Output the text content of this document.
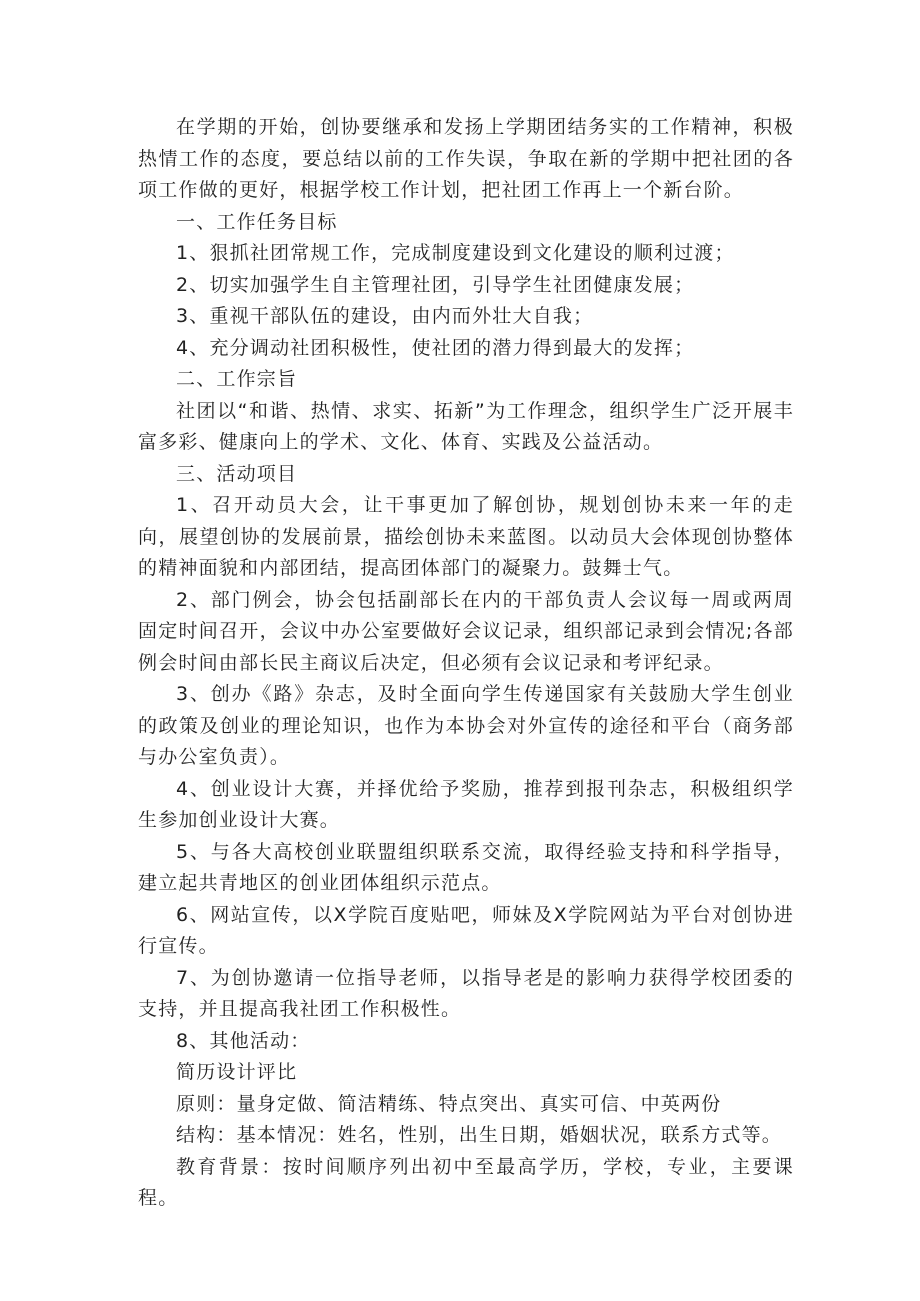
在学期的开始，创协要继承和发扬上学期团结务实的工作精神，积极热情工作的态度，要总结以前的工作失误，争取在新的学期中把社团的各项工作做的更好，根据学校工作计划，把社团工作再上一个新台阶。

一、工作任务目标

1、狠抓社团常规工作，完成制度建设到文化建设的顺利过渡；

2、切实加强学生自主管理社团，引导学生社团健康发展；

3、重视干部队伍的建设，由内而外壮大自我；

4、充分调动社团积极性，使社团的潜力得到最大的发挥；

二、工作宗旨

社团以“和谐、热情、求实、拓新”为工作理念，组织学生广泛开展丰富多彩、健康向上的学术、文化、体育、实践及公益活动。

三、活动项目

1、召开动员大会，让干事更加了解创协，规划创协未来一年的走向，展望创协的发展前景，描绘创协未来蓝图。以动员大会体现创协整体的精神面貌和内部团结，提高团体部门的凝聚力。鼓舞士气。

2、部门例会，协会包括副部长在内的干部负责人会议每一周或两周固定时间召开，会议中办公室要做好会议记录，组织部记录到会情况;各部例会时间由部长民主商议后决定，但必须有会议记录和考评纪录。

3、创办《路》杂志，及时全面向学生传递国家有关鼓励大学生创业的政策及创业的理论知识，也作为本协会对外宣传的途径和平台（商务部与办公室负责）。

4、创业设计大赛，并择优给予奖励，推荐到报刊杂志，积极组织学生参加创业设计大赛。

5、与各大高校创业联盟组织联系交流，取得经验支持和科学指导，建立起共青地区的创业团体组织示范点。

6、网站宣传，以X学院百度贴吧，师妹及X学院网站为平台对创协进行宣传。

7、为创协邀请一位指导老师，以指导老是的影响力获得学校团委的支持，并且提高我社团工作积极性。

8、其他活动：

简历设计评比

原则：量身定做、简洁精练、特点突出、真实可信、中英两份

结构：基本情况：姓名，性别，出生日期，婚姻状况，联系方式等。

教育背景：按时间顺序列出初中至最高学历，学校，专业，主要课程。
